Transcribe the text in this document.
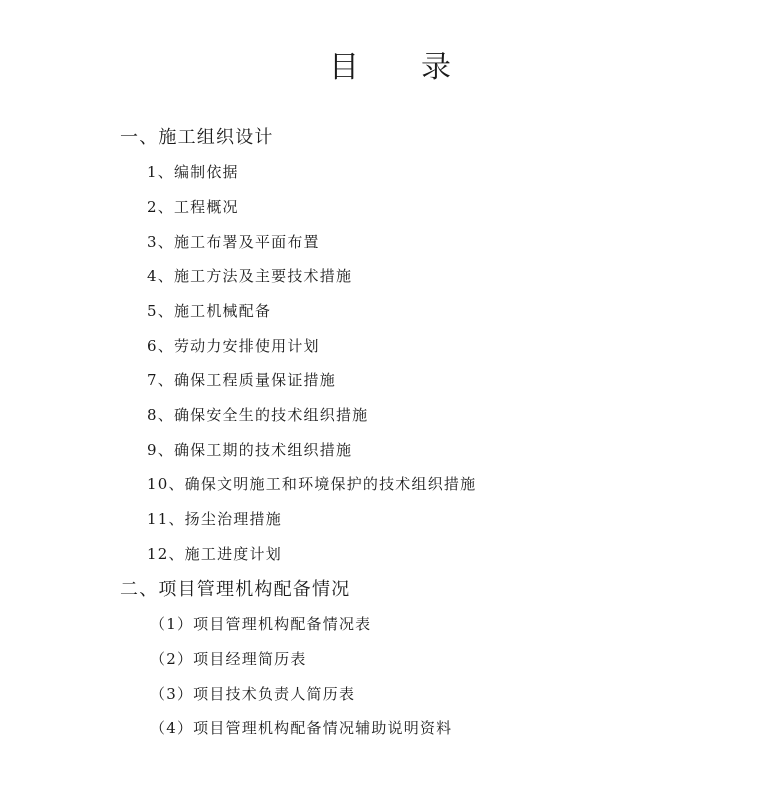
目 录
一、施工组织设计
1、编制依据
2、工程概况
3、施工布署及平面布置
4、施工方法及主要技术措施
5、施工机械配备
6、劳动力安排使用计划
7、确保工程质量保证措施
8、确保安全生的技术组织措施
9、确保工期的技术组织措施
10、确保文明施工和环境保护的技术组织措施
11、扬尘治理措施
12、施工进度计划
二、项目管理机构配备情况
（1）项目管理机构配备情况表
（2）项目经理简历表
（3）项目技术负责人简历表
（4）项目管理机构配备情况辅助说明资料
